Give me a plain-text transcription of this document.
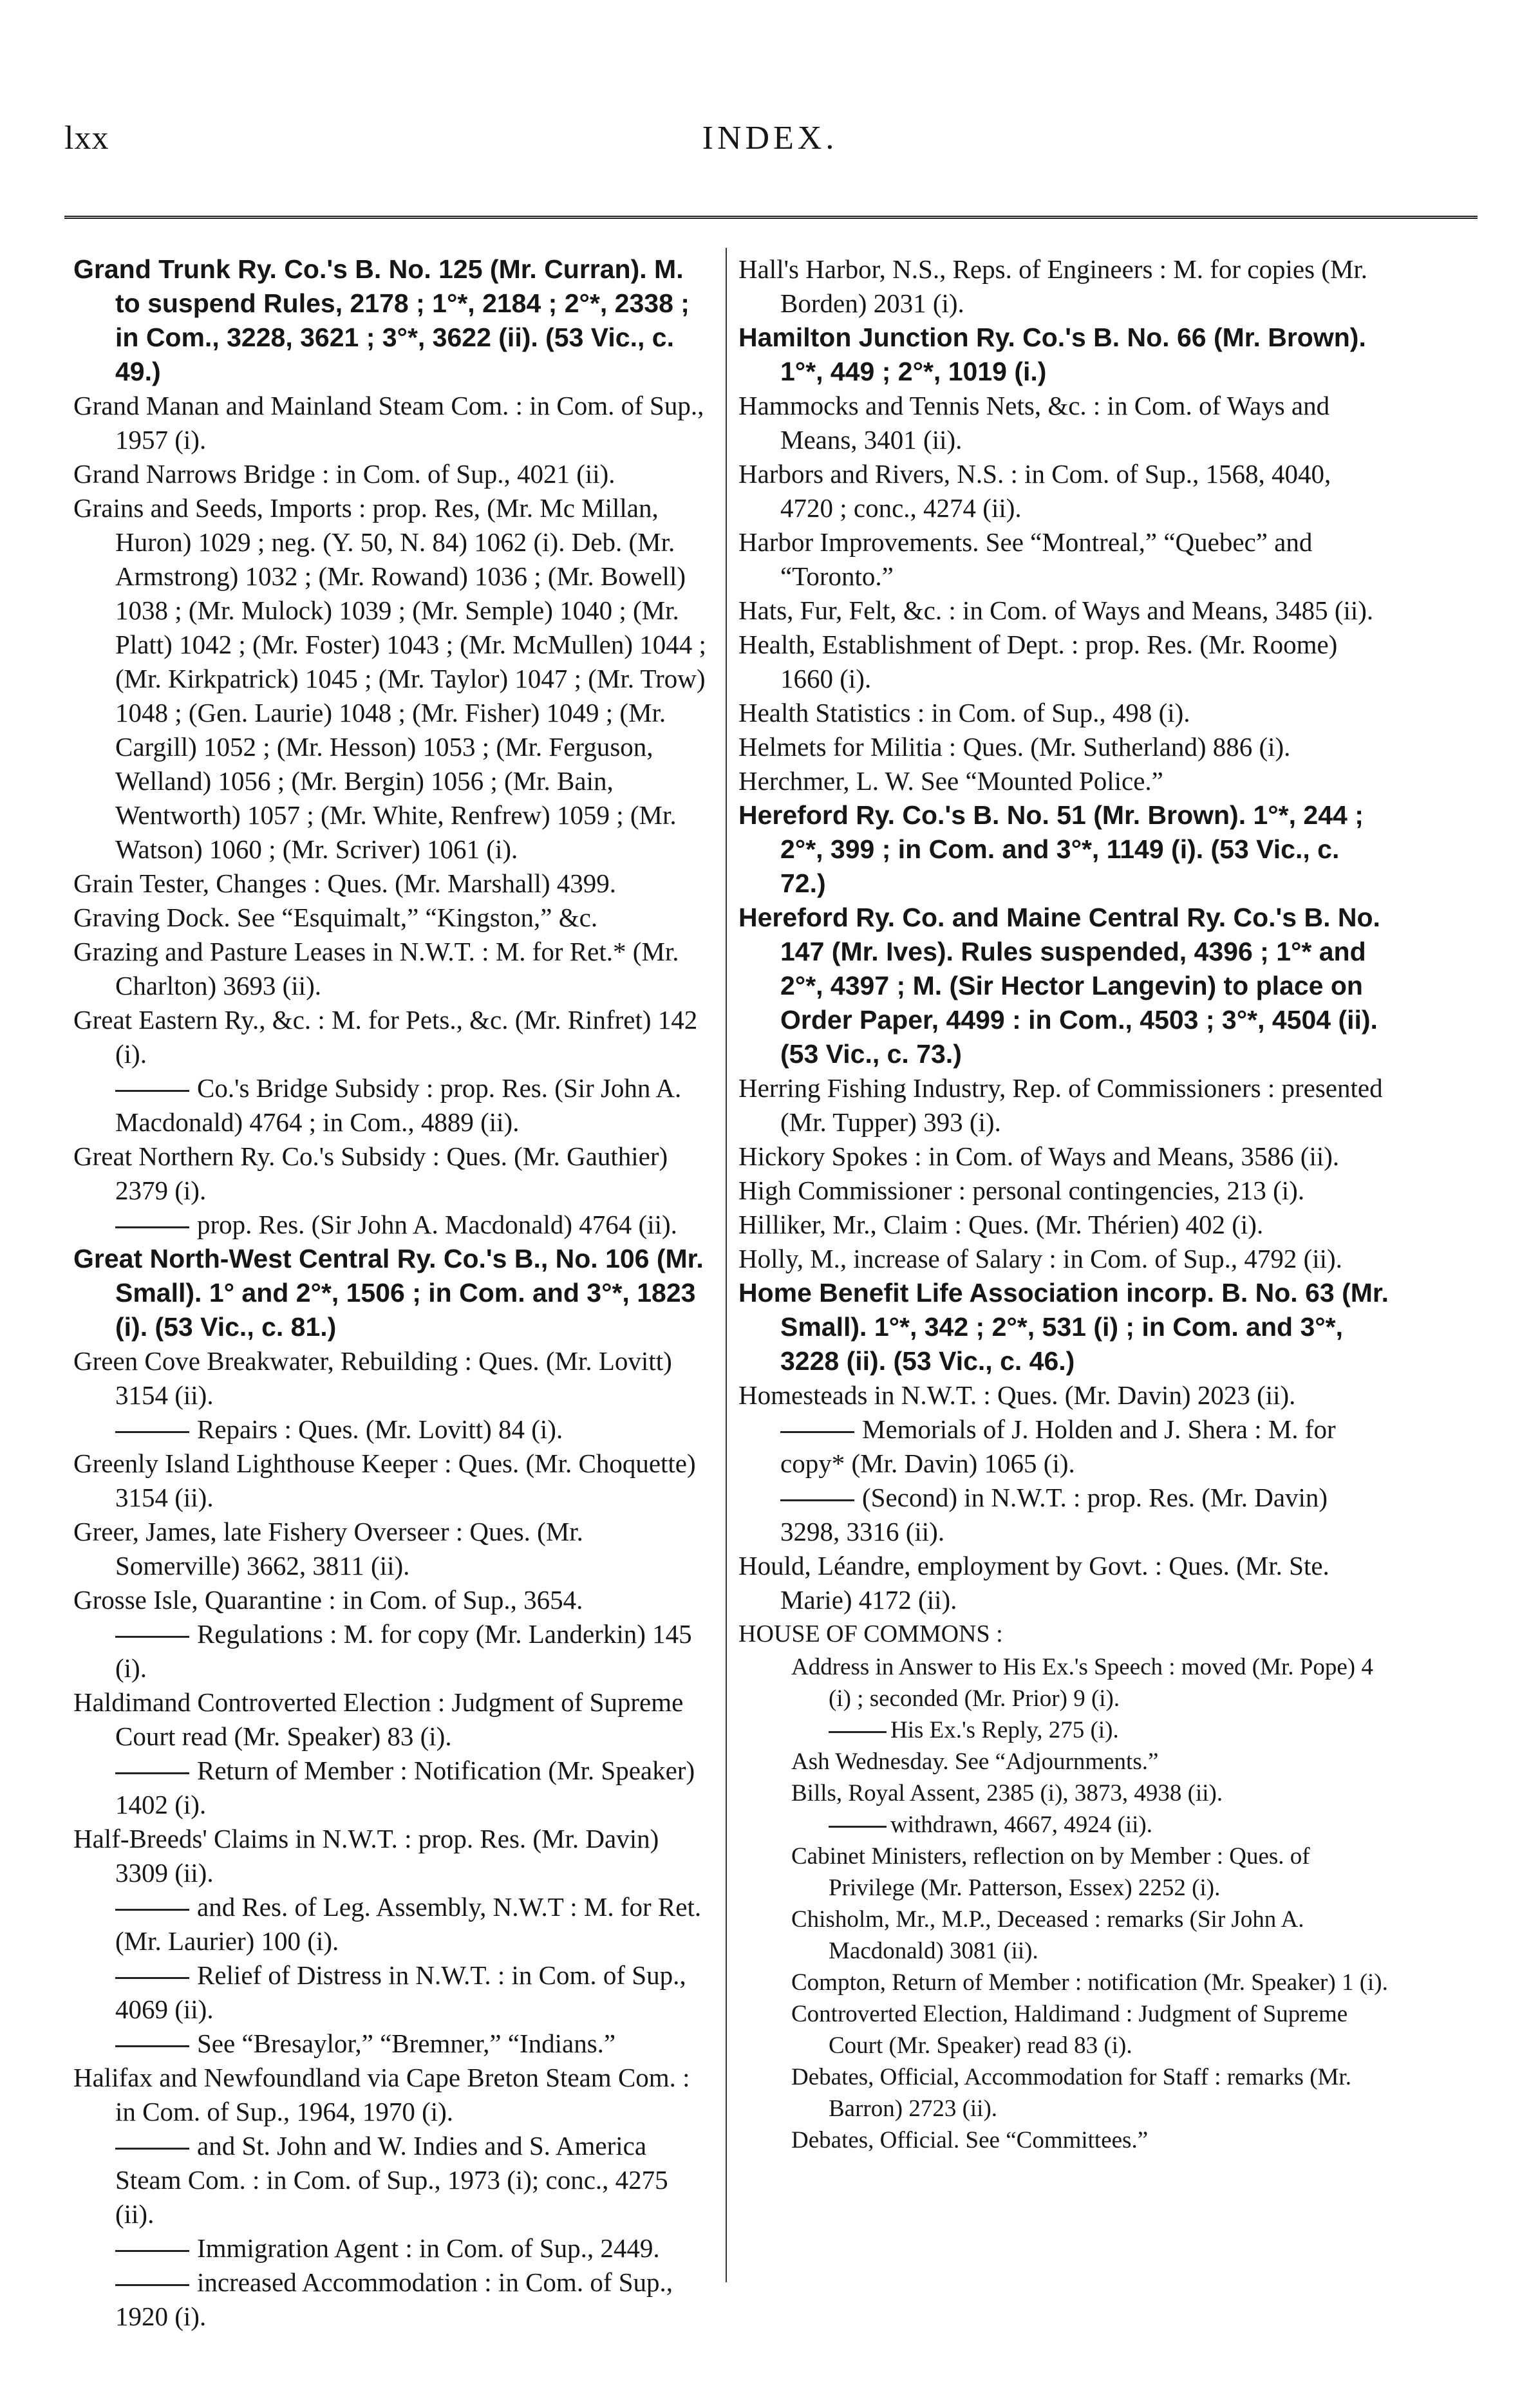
INDEX.
lxx

Grand Trunk Ry. Co.'s B. No. 125 (Mr. Curran). M. to suspend Rules, 2178 ; 1°*, 2184 ; 2°*, 2338 ; in Com., 3228, 3621 ; 3°*, 3622 (ii). (53 Vic., c. 49.)

Grand Manan and Mainland Steam Com. : in Com. of Sup., 1957 (i).

Grand Narrows Bridge : in Com. of Sup., 4021 (ii).

Grains and Seeds, Imports : prop. Res, (Mr. Mc Millan, Huron) 1029 ; neg. (Y. 50, N. 84) 1062 (i). Deb. (Mr. Armstrong) 1032 ; (Mr. Rowand) 1036 ; (Mr. Bowell) 1038 ; (Mr. Mulock) 1039 ; (Mr. Semple) 1040 ; (Mr. Platt) 1042 ; (Mr. Foster) 1043 ; (Mr. McMullen) 1044 ; (Mr. Kirkpatrick) 1045 ; (Mr. Taylor) 1047 ; (Mr. Trow) 1048 ; (Gen. Laurie) 1048 ; (Mr. Fisher) 1049 ; (Mr. Cargill) 1052 ; (Mr. Hesson) 1053 ; (Mr. Ferguson, Welland) 1056 ; (Mr. Bergin) 1056 ; (Mr. Bain, Wentworth) 1057 ; (Mr. White, Renfrew) 1059 ; (Mr. Watson) 1060 ; (Mr. Scriver) 1061 (i).

Grain Tester, Changes : Ques. (Mr. Marshall) 4399.

Graving Dock. See “Esquimalt,” “Kingston,” &c.

Grazing and Pasture Leases in N.W.T. : M. for Ret.* (Mr. Charlton) 3693 (ii).

Great Eastern Ry., &c. : M. for Pets., &c. (Mr. Rinfret) 142 (i).

Co.'s Bridge Subsidy : prop. Res. (Sir John A. Macdonald) 4764 ; in Com., 4889 (ii).

Great Northern Ry. Co.'s Subsidy : Ques. (Mr. Gauthier) 2379 (i).

prop. Res. (Sir John A. Macdonald) 4764 (ii).

Great North-West Central Ry. Co.'s B., No. 106 (Mr. Small). 1° and 2°*, 1506 ; in Com. and 3°*, 1823 (i). (53 Vic., c. 81.)

Green Cove Breakwater, Rebuilding : Ques. (Mr. Lovitt) 3154 (ii).

Repairs : Ques. (Mr. Lovitt) 84 (i).

Greenly Island Lighthouse Keeper : Ques. (Mr. Choquette) 3154 (ii).

Greer, James, late Fishery Overseer : Ques. (Mr. Somerville) 3662, 3811 (ii).

Grosse Isle, Quarantine : in Com. of Sup., 3654.

Regulations : M. for copy (Mr. Landerkin) 145 (i).

Haldimand Controverted Election : Judgment of Supreme Court read (Mr. Speaker) 83 (i).

Return of Member : Notification (Mr. Speaker) 1402 (i).

Half-Breeds' Claims in N.W.T. : prop. Res. (Mr. Davin) 3309 (ii).

and Res. of Leg. Assembly, N.W.T : M. for Ret. (Mr. Laurier) 100 (i).

Relief of Distress in N.W.T. : in Com. of Sup., 4069 (ii).

See “Bresaylor,” “Bremner,” “Indians.”

Halifax and Newfoundland via Cape Breton Steam Com. : in Com. of Sup., 1964, 1970 (i).

and St. John and W. Indies and S. America Steam Com. : in Com. of Sup., 1973 (i); conc., 4275 (ii).

Immigration Agent : in Com. of Sup., 2449.

increased Accommodation : in Com. of Sup., 1920 (i).

Hall's Harbor, N.S., Reps. of Engineers : M. for copies (Mr. Borden) 2031 (i).

Hamilton Junction Ry. Co.'s B. No. 66 (Mr. Brown). 1°*, 449 ; 2°*, 1019 (i.)

Hammocks and Tennis Nets, &c. : in Com. of Ways and Means, 3401 (ii).

Harbors and Rivers, N.S. : in Com. of Sup., 1568, 4040, 4720 ; conc., 4274 (ii).

Harbor Improvements. See “Montreal,” “Quebec” and “Toronto.”

Hats, Fur, Felt, &c. : in Com. of Ways and Means, 3485 (ii).

Health, Establishment of Dept. : prop. Res. (Mr. Roome) 1660 (i).

Health Statistics : in Com. of Sup., 498 (i).

Helmets for Militia : Ques. (Mr. Sutherland) 886 (i).

Herchmer, L. W. See “Mounted Police.”

Hereford Ry. Co.'s B. No. 51 (Mr. Brown). 1°*, 244 ; 2°*, 399 ; in Com. and 3°*, 1149 (i). (53 Vic., c. 72.)

Hereford Ry. Co. and Maine Central Ry. Co.'s B. No. 147 (Mr. Ives). Rules suspended, 4396 ; 1°* and 2°*, 4397 ; M. (Sir Hector Langevin) to place on Order Paper, 4499 : in Com., 4503 ; 3°*, 4504 (ii). (53 Vic., c. 73.)

Herring Fishing Industry, Rep. of Commissioners : presented (Mr. Tupper) 393 (i).

Hickory Spokes : in Com. of Ways and Means, 3586 (ii).

High Commissioner : personal contingencies, 213 (i).

Hilliker, Mr., Claim : Ques. (Mr. Thérien) 402 (i).

Holly, M., increase of Salary : in Com. of Sup., 4792 (ii).

Home Benefit Life Association incorp. B. No. 63 (Mr. Small). 1°*, 342 ; 2°*, 531 (i) ; in Com. and 3°*, 3228 (ii). (53 Vic., c. 46.)

Homesteads in N.W.T. : Ques. (Mr. Davin) 2023 (ii).

Memorials of J. Holden and J. Shera : M. for copy* (Mr. Davin) 1065 (i).

(Second) in N.W.T. : prop. Res. (Mr. Davin) 3298, 3316 (ii).

Hould, Léandre, employment by Govt. : Ques. (Mr. Ste. Marie) 4172 (ii).

HOUSE OF COMMONS :

Address in Answer to His Ex.'s Speech : moved (Mr. Pope) 4 (i) ; seconded (Mr. Prior) 9 (i).

His Ex.'s Reply, 275 (i).

Ash Wednesday. See “Adjournments.”

Bills, Royal Assent, 2385 (i), 3873, 4938 (ii).

withdrawn, 4667, 4924 (ii).

Cabinet Ministers, reflection on by Member : Ques. of Privilege (Mr. Patterson, Essex) 2252 (i).

Chisholm, Mr., M.P., Deceased : remarks (Sir John A. Macdonald) 3081 (ii).

Compton, Return of Member : notification (Mr. Speaker) 1 (i).

Controverted Election, Haldimand : Judgment of Supreme Court (Mr. Speaker) read 83 (i).

Debates, Official, Accommodation for Staff : remarks (Mr. Barron) 2723 (ii).

Debates, Official. See “Committees.”
